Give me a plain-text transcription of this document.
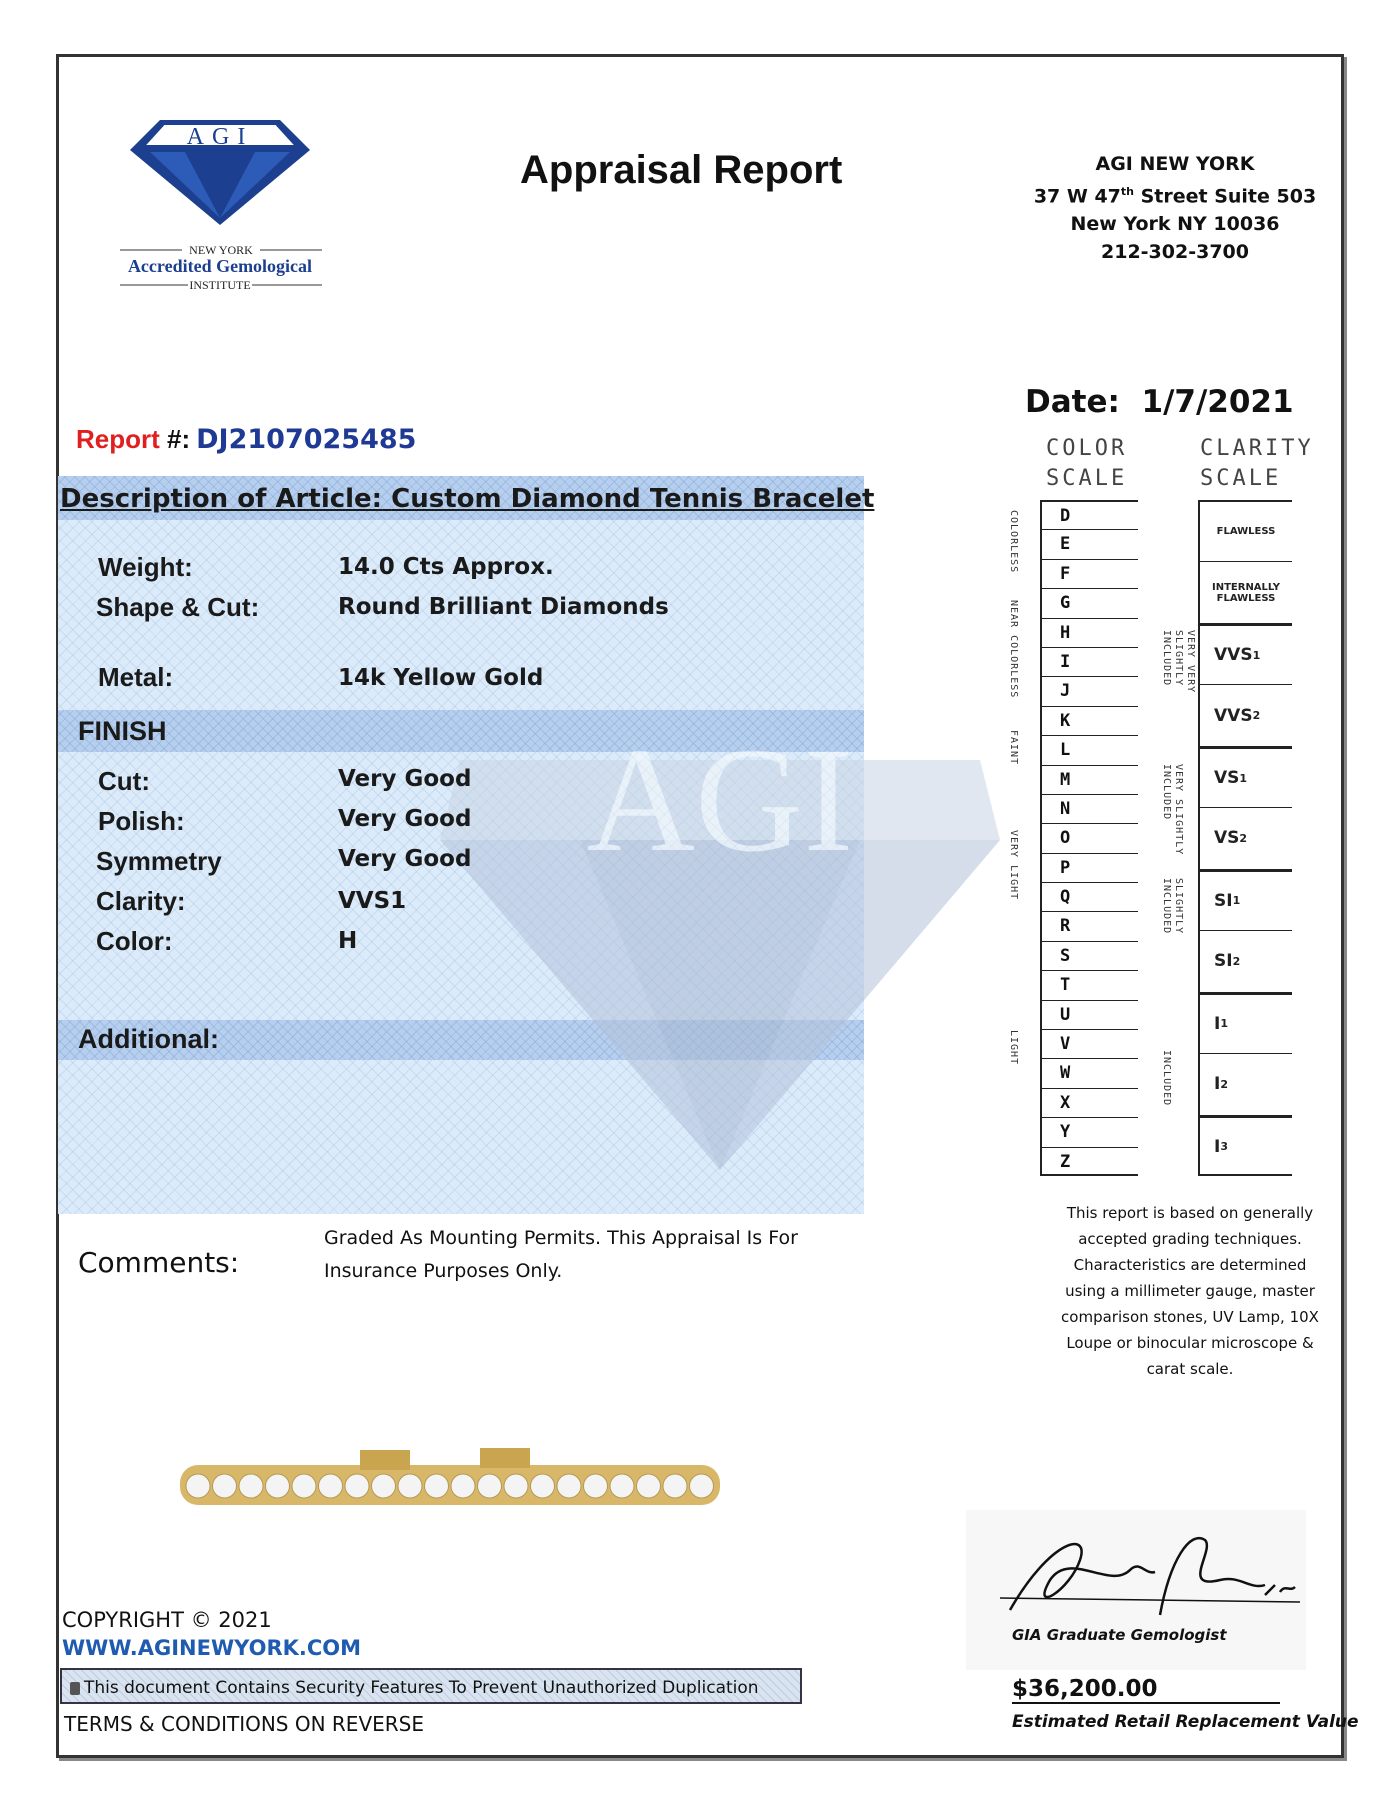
AGI
NEW YORK
Accredited Gemological
INSTITUTE
Appraisal Report	AGI NEW YORK
37 W 47th Street Suite 503
New York NY 10036
212-302-3700
Date: 1/7/2021
Report #: DJ2107025485
AGI
Description of Article: Custom Diamond Tennis Bracelet
Weight:	14.0 Cts Approx.
Shape & Cut:	Round Brilliant Diamonds
Metal:	14k Yellow Gold
FINISH
Cut:	Very Good
Polish:	Very Good
Symmetry	Very Good
Clarity:	VVS1
Color:	H
Additional:
Comments:
Graded As Mounting Permits. This Appraisal Is For
Insurance Purposes Only.
COLOR
SCALE
CLARITY
SCALE
D
E
F
G
H
I
J
K
L
M
N
O
P
Q
R
S
T
U
V
W
X
Y
Z
FLAWLESS
INTERNALLY FLAWLESS
VVS 1
VVS 2
VS 1
VS 2
SI 1
SI 2
I 1
I 2
I 3
COLORLESS
NEAR COLORLESS
FAINT
VERY LIGHT
LIGHT
VERY VERY SLIGHTLY INCLUDED
VERY SLIGHTLY INCLUDED
SLIGHTLY INCLUDED
INCLUDED
This report is based on generally
accepted grading techniques.
Characteristics are determined
using a millimeter gauge, master
comparison stones, UV Lamp, 10X
Loupe or binocular microscope &
carat scale.
COPYRIGHT © 2021
WWW.AGINEWYORK.COM
This document Contains Security Features To Prevent Unauthorized Duplication
TERMS & CONDITIONS ON REVERSE
GIA Graduate Gemologist
$36,200.00
Estimated Retail Replacement Value
